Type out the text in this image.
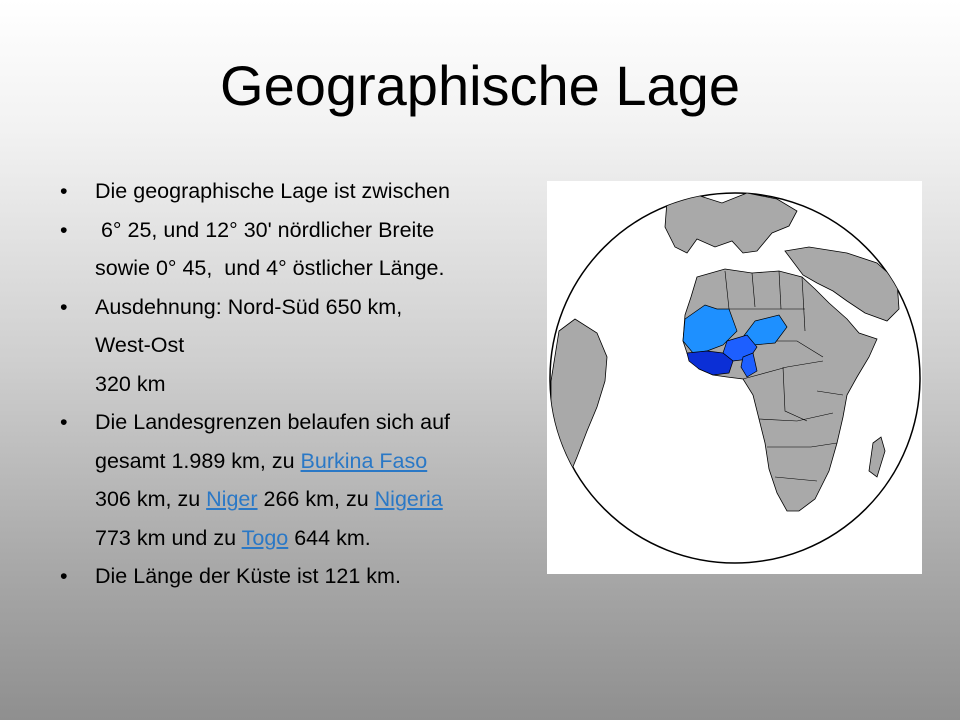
Geographische Lage
• Die geographische Lage ist zwischen
• 6° 25, und 12° 30' nördlicher Breite
sowie 0° 45,  und 4° östlicher Länge.
• Ausdehnung: Nord-Süd 650 km,
West-Ost
320 km
• Die Landesgrenzen belaufen sich auf
gesamt 1.989 km, zu Burkina Faso
306 km, zu Niger 266 km, zu Nigeria
773 km und zu Togo 644 km.
• Die Länge der Küste ist 121 km.
